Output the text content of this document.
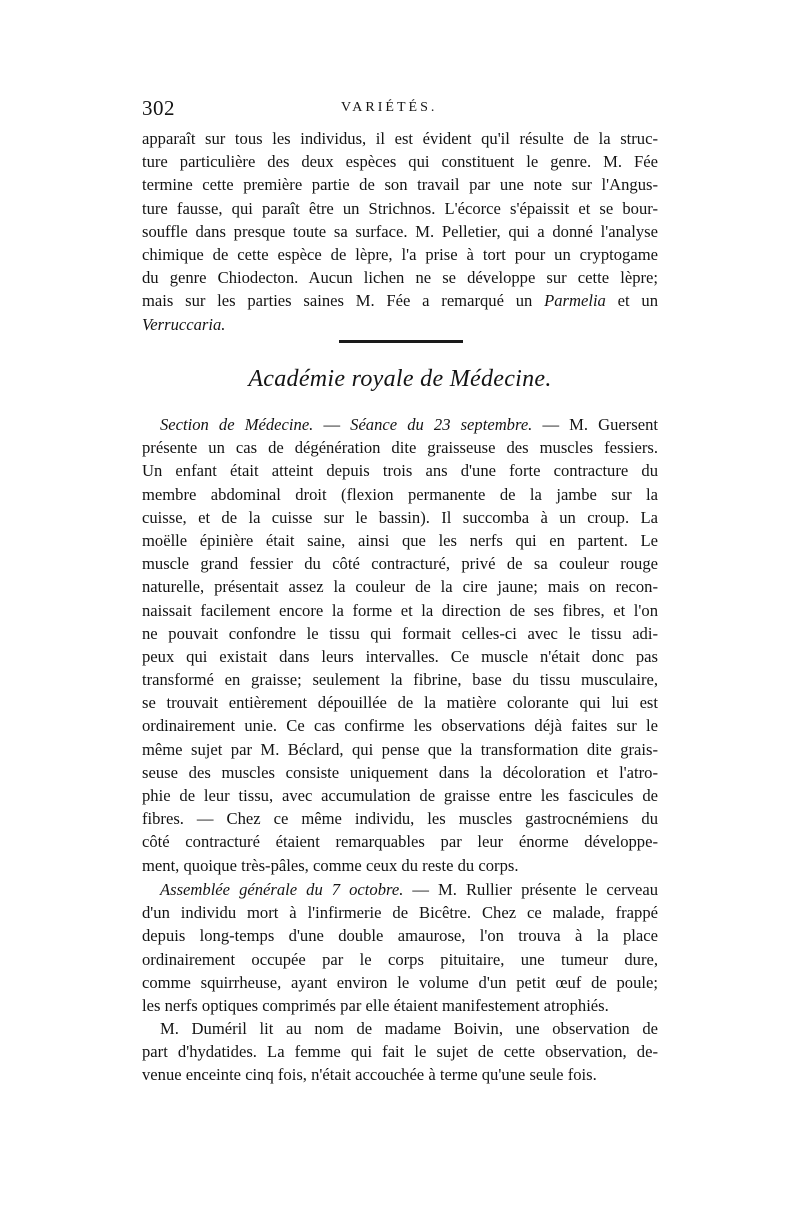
302	VARIÉTÉS.
apparaît sur tous les individus, il est évident qu'il résulte de la struc-
ture particulière des deux espèces qui constituent le genre. M. Fée
termine cette première partie de son travail par une note sur l'Angus-
ture fausse, qui paraît être un Strichnos. L'écorce s'épaissit et se bour-
souffle dans presque toute sa surface. M. Pelletier, qui a donné l'analyse
chimique de cette espèce de lèpre, l'a prise à tort pour un cryptogame
du genre Chiodecton. Aucun lichen ne se développe sur cette lèpre;
mais sur les parties saines M. Fée a remarqué un Parmelia et un
Verruccaria.
Académie royale de Médecine.
Section de Médecine. — Séance du 23 septembre. — M. Guersent
présente un cas de dégénération dite graisseuse des muscles fessiers.
Un enfant était atteint depuis trois ans d'une forte contracture du
membre abdominal droit (flexion permanente de la jambe sur la
cuisse, et de la cuisse sur le bassin). Il succomba à un croup. La
moëlle épinière était saine, ainsi que les nerfs qui en partent. Le
muscle grand fessier du côté contracturé, privé de sa couleur rouge
naturelle, présentait assez la couleur de la cire jaune; mais on recon-
naissait facilement encore la forme et la direction de ses fibres, et l'on
ne pouvait confondre le tissu qui formait celles-ci avec le tissu adi-
peux qui existait dans leurs intervalles. Ce muscle n'était donc pas
transformé en graisse; seulement la fibrine, base du tissu musculaire,
se trouvait entièrement dépouillée de la matière colorante qui lui est
ordinairement unie. Ce cas confirme les observations déjà faites sur le
même sujet par M. Béclard, qui pense que la transformation dite grais-
seuse des muscles consiste uniquement dans la décoloration et l'atro-
phie de leur tissu, avec accumulation de graisse entre les fascicules de
fibres. — Chez ce même individu, les muscles gastrocnémiens du
côté contracturé étaient remarquables par leur énorme développe-
ment, quoique très-pâles, comme ceux du reste du corps.
Assemblée générale du 7 octobre. — M. Rullier présente le cerveau
d'un individu mort à l'infirmerie de Bicêtre. Chez ce malade, frappé
depuis long-temps d'une double amaurose, l'on trouva à la place
ordinairement occupée par le corps pituitaire, une tumeur dure,
comme squirrheuse, ayant environ le volume d'un petit œuf de poule;
les nerfs optiques comprimés par elle étaient manifestement atrophiés.
M. Duméril lit au nom de madame Boivin, une observation de
part d'hydatides. La femme qui fait le sujet de cette observation, de-
venue enceinte cinq fois, n'était accouchée à terme qu'une seule fois.
